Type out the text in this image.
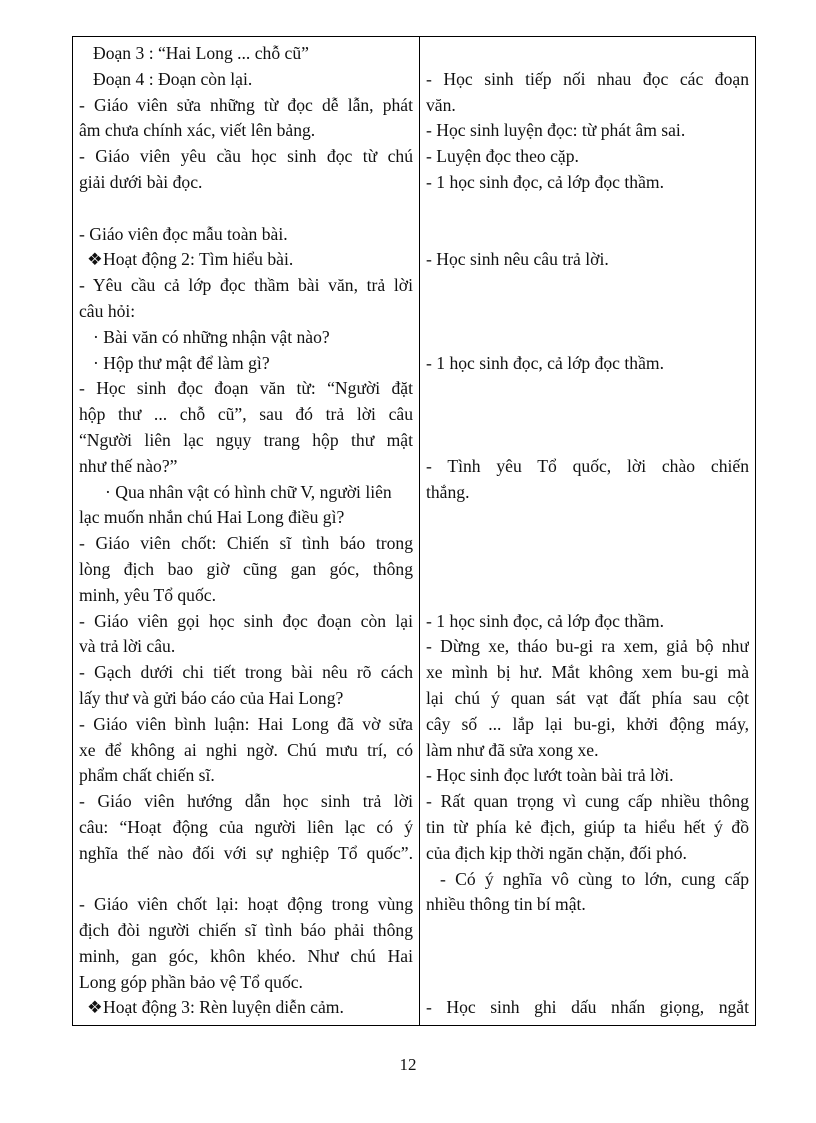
Đoạn 3 : “Hai Long ... chỗ cũ”
Đoạn 4 : Đoạn còn lại.
- Giáo viên sửa những từ đọc dễ lẫn, phát
âm chưa chính xác, viết lên bảng.
- Giáo viên yêu cầu học sinh đọc từ chú
giải dưới bài đọc.
- Giáo viên đọc mẫu toàn bài.
❖Hoạt động 2: Tìm hiểu bài.
- Yêu cầu cả lớp đọc thầm bài văn, trả lời
câu hỏi:
· Bài văn có những nhận vật nào?
· Hộp thư mật để làm gì?
- Học sinh đọc đoạn văn từ: “Người đặt
hộp thư ... chỗ cũ”, sau đó trả lời câu
“Người liên lạc ngụy trang hộp thư mật
như thế nào?”
· Qua nhân vật có hình chữ V, người liên
lạc muốn nhắn chú Hai Long điều gì?
- Giáo viên chốt: Chiến sĩ tình báo trong
lòng địch bao giờ cũng gan góc, thông
minh, yêu Tổ quốc.
- Giáo viên gọi học sinh đọc đoạn còn lại
và trả lời câu.
- Gạch dưới chi tiết trong bài nêu rõ cách
lấy thư và gửi báo cáo của Hai Long?
- Giáo viên bình luận: Hai Long đã vờ sửa
xe để không ai nghi ngờ. Chú mưu trí, có
phẩm chất chiến sĩ.
- Giáo viên hướng dẫn học sinh trả lời
câu: “Hoạt động của người liên lạc có ý
nghĩa thế nào đối với sự nghiệp Tổ quốc”.
- Giáo viên chốt lại: hoạt động trong vùng
địch đòi người chiến sĩ tình báo phải thông
minh, gan góc, khôn khéo. Như chú Hai
Long góp phần bảo vệ Tổ quốc.
❖Hoạt động 3: Rèn luyện diễn cảm.
- Học sinh tiếp nối nhau đọc các đoạn
văn.
- Học sinh luyện đọc: từ phát âm sai.
- Luyện đọc theo cặp.
- 1 học sinh đọc, cả lớp đọc thầm.
- Học sinh nêu câu trả lời.
- 1 học sinh đọc, cả lớp đọc thầm.
- Tình yêu Tổ quốc, lời chào chiến
thắng.
- 1 học sinh đọc, cả lớp đọc thầm.
- Dừng xe, tháo bu-gi ra xem, giả bộ như
xe mình bị hư. Mắt không xem bu-gi mà
lại chú ý quan sát vạt đất phía sau cột
cây số ... lắp lại bu-gi, khởi động máy,
làm như đã sửa xong xe.
- Học sinh đọc lướt toàn bài trả lời.
- Rất quan trọng vì cung cấp nhiều thông
tin từ phía kẻ địch, giúp ta hiểu hết ý đồ
của địch kịp thời ngăn chặn, đối phó.
- Có ý nghĩa vô cùng to lớn, cung cấp
nhiều thông tin bí mật.
- Học sinh ghi dấu nhấn giọng, ngắt
12
